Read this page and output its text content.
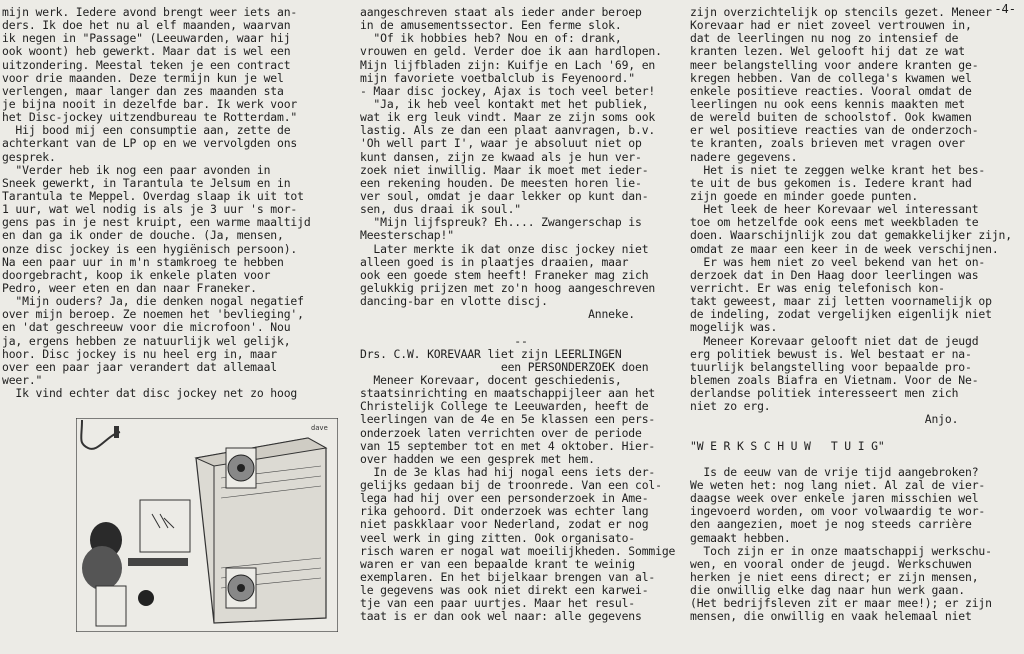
-4-
mijn werk. Iedere avond brengt weer iets an-
ders. Ik doe het nu al elf maanden, waarvan
ik negen in "Passage" (Leeuwarden, waar hij
ook woont) heb gewerkt. Maar dat is wel een
uitzondering. Meestal teken je een contract
voor drie maanden. Deze termijn kun je wel
verlengen, maar langer dan zes maanden sta
je bijna nooit in dezelfde bar. Ik werk voor
het Disc-jockey uitzendbureau te Rotterdam."
Hij bood mij een consumptie aan, zette de
achterkant van de LP op en we vervolgden ons
gesprek.
"Verder heb ik nog een paar avonden in
Sneek gewerkt, in Tarantula te Jelsum en in
Tarantula te Meppel. Overdag slaap ik uit tot
1 uur, wat wel nodig is als je 3 uur 's mor-
gens pas in je nest kruipt, een warme maaltijd
en dan ga ik onder de douche. (Ja, mensen,
onze disc jockey is een hygiënisch persoon).
Na een paar uur in m'n stamkroeg te hebben
doorgebracht, koop ik enkele platen voor
Pedro, weer eten en dan naar Franeker.
"Mijn ouders? Ja, die denken nogal negatief
over mijn beroep. Ze noemen het 'bevlieging',
en 'dat geschreeuw voor die microfoon'. Nou
ja, ergens hebben ze natuurlijk wel gelijk,
hoor. Disc jockey is nu heel erg in, maar
over een paar jaar verandert dat allemaal
weer."
Ik vind echter dat disc jockey net zo hoog
aangeschreven staat als ieder ander beroep
in de amusementssector. Een ferme slok.
"Of ik hobbies heb? Nou en of: drank,
vrouwen en geld. Verder doe ik aan hardlopen.
Mijn lijfbladen zijn: Kuifje en Lach '69, en
mijn favoriete voetbalclub is Feyenoord."
- Maar disc jockey, Ajax is toch veel beter!
"Ja, ik heb veel kontakt met het publiek,
wat ik erg leuk vindt. Maar ze zijn soms ook
lastig. Als ze dan een plaat aanvragen, b.v.
'Oh well part I', waar je absoluut niet op
kunt dansen, zijn ze kwaad als je hun ver-
zoek niet inwillig. Maar ik moet met ieder-
een rekening houden. De meesten horen lie-
ver soul, omdat je daar lekker op kunt dan-
sen, dus draai ik soul."
"Mijn lijfspreuk? Eh.... Zwangerschap is
Meesterschap!"
Later merkte ik dat onze disc jockey niet
alleen goed is in plaatjes draaien, maar
ook een goede stem heeft! Franeker mag zich
gelukkig prijzen met zo'n hoog aangeschreven
dancing-bar en vlotte discj.
Anneke.
--
Drs. C.W. KOREVAAR liet zijn LEERLINGEN
een PERSONDERZOEK doen
Meneer Korevaar, docent geschiedenis,
staatsinrichting en maatschappijleer aan het
Christelijk College te Leeuwarden, heeft de
leerlingen van de 4e en 5e klassen een pers-
onderzoek laten verrichten over de periode
van 15 september tot en met 4 oktober. Hier-
over hadden we een gesprek met hem.
In de 3e klas had hij nogal eens iets der-
gelijks gedaan bij de troonrede. Van een col-
lega had hij over een personderzoek in Ame-
rika gehoord. Dit onderzoek was echter lang
niet paskklaar voor Nederland, zodat er nog
veel werk in ging zitten. Ook organisato-
risch waren er nogal wat moeilijkheden. Sommige
waren er van een bepaalde krant te weinig
exemplaren. En het bijelkaar brengen van al-
le gegevens was ook niet direkt een karwei-
tje van een paar uurtjes. Maar het resul-
taat is er dan ook wel naar: alle gegevens
zijn overzichtelijk op stencils gezet. Meneer
Korevaar had er niet zoveel vertrouwen in,
dat de leerlingen nu nog zo intensief de
kranten lezen. Wel gelooft hij dat ze wat
meer belangstelling voor andere kranten ge-
kregen hebben. Van de collega's kwamen wel
enkele positieve reacties. Vooral omdat de
leerlingen nu ook eens kennis maakten met
de wereld buiten de schoolstof. Ook kwamen
er wel positieve reacties van de onderzoch-
te kranten, zoals brieven met vragen over
nadere gegevens.
Het is niet te zeggen welke krant het bes-
te uit de bus gekomen is. Iedere krant had
zijn goede en minder goede punten.
Het leek de heer Korevaar wel interessant
toe om hetzelfde ook eens met weekbladen te
doen. Waarschijnlijk zou dat gemakkelijker zijn,
omdat ze maar een keer in de week verschijnen.
Er was hem niet zo veel bekend van het on-
derzoek dat in Den Haag door leerlingen was
verricht. Er was enig telefonisch kon-
takt geweest, maar zij letten voornamelijk op
de indeling, zodat vergelijken eigenlijk niet
mogelijk was.
Meneer Korevaar gelooft niet dat de jeugd
erg politiek bewust is. Wel bestaat er na-
tuurlijk belangstelling voor bepaalde pro-
blemen zoals Biafra en Vietnam. Voor de Ne-
derlandse politiek interesseert men zich
niet zo erg.
Anjo.
"W E R K S C H U W   T U I G"
Is de eeuw van de vrije tijd aangebroken?
We weten het: nog lang niet. Al zal de vier-
daagse week over enkele jaren misschien wel
ingevoerd worden, om voor volwaardig te wor-
den aangezien, moet je nog steeds carrière
gemaakt hebben.
Toch zijn er in onze maatschappij werkschu-
wen, en vooral onder de jeugd. Werkschuwen
herken je niet eens direct; er zijn mensen,
die onwillig elke dag naar hun werk gaan.
(Het bedrijfsleven zit er maar mee!); er zijn
mensen, die onwillig en vaak helemaal niet
dave
